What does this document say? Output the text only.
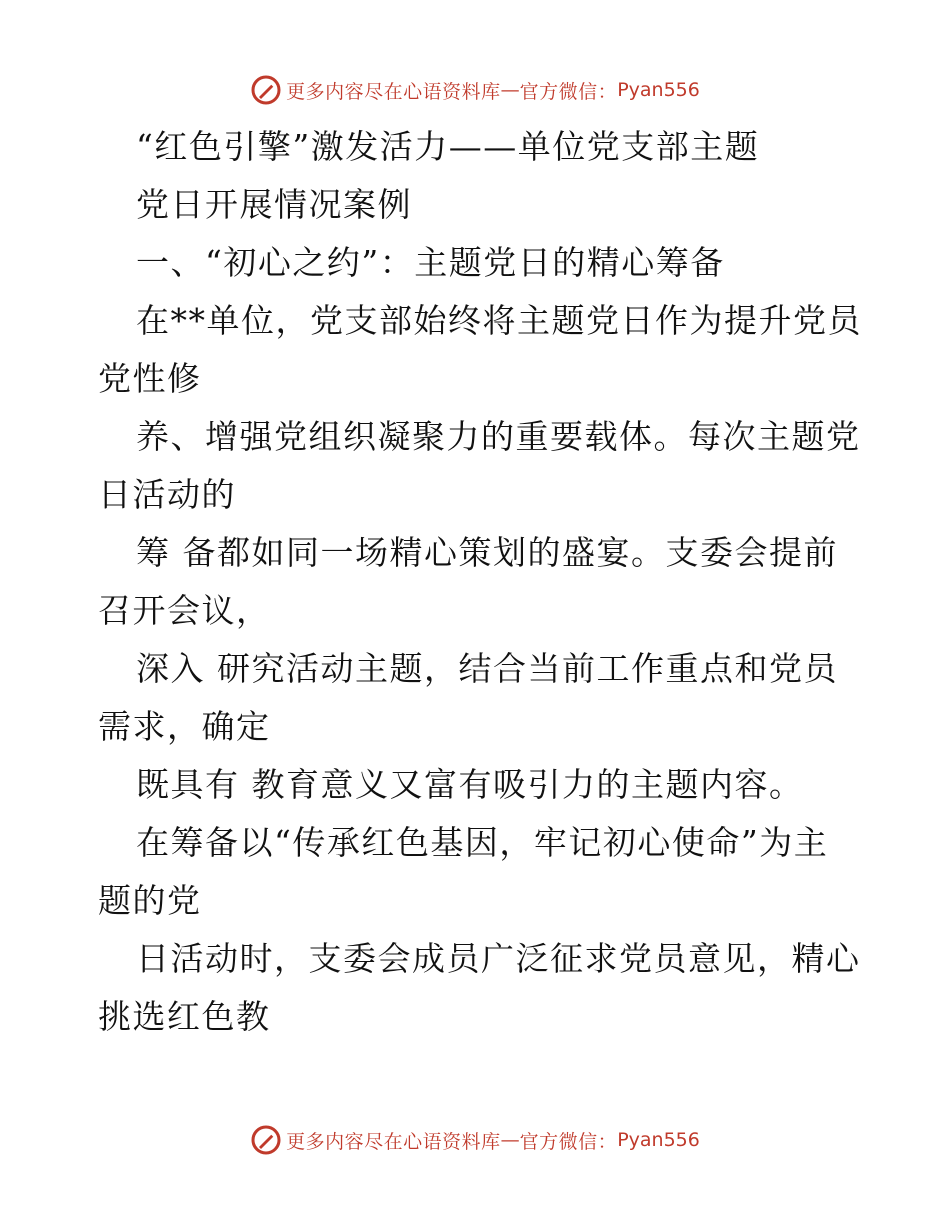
更多内容尽在心语资料库 — 官方微信： Pyan556
“红色引擎”激发活力——单位党支部主题
党日开展情况案例
一、“初心之约”：主题党日的精心筹备
在**单位，党支部始终将主题党日作为提升党员
党性修
养、增强党组织凝聚力的重要载体。每次主题党
日活动的
筹 备都如同一场精心策划的盛宴。支委会提前
召开会议，
深入 研究活动主题，结合当前工作重点和党员
需求，确定
既具有 教育意义又富有吸引力的主题内容。
在筹备以“传承红色基因，牢记初心使命”为主
题的党
日活动时，支委会成员广泛征求党员意见，精心
挑选红色教
更多内容尽在心语资料库 — 官方微信： Pyan556
